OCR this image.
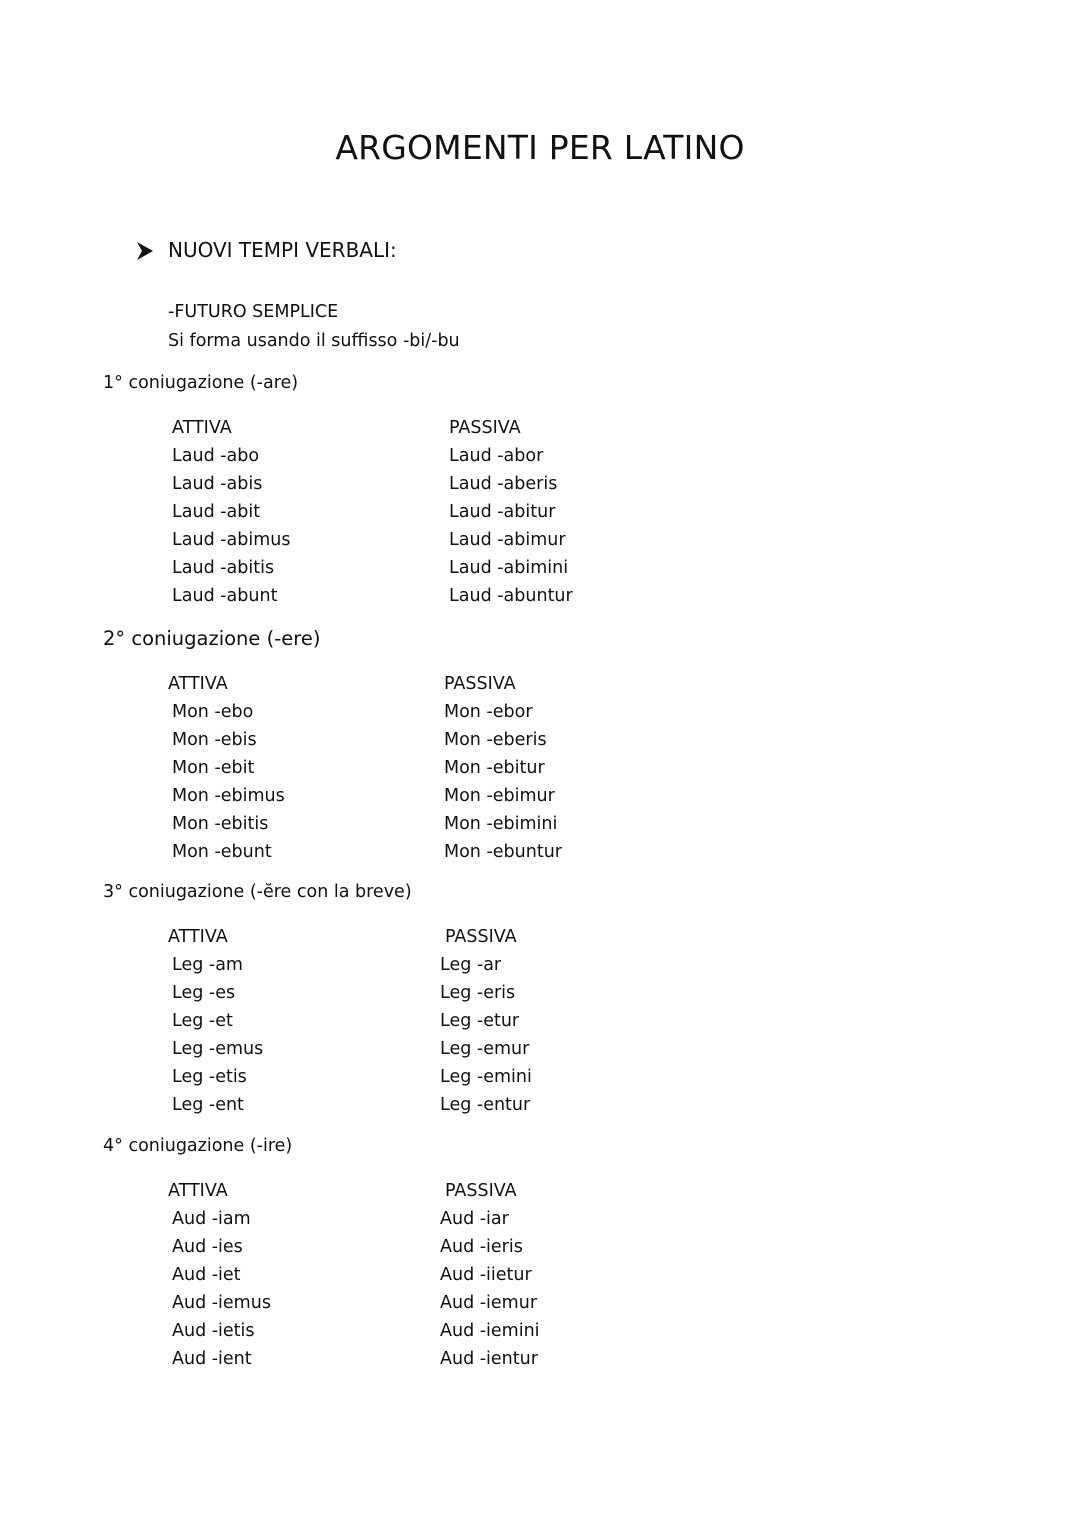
ARGOMENTI PER LATINO
NUOVI TEMPI VERBALI:
-FUTURO SEMPLICE
Si forma usando il suffisso -bi/-bu
1° coniugazione (-are)
ATTIVA
Laud -abo
Laud -abis
Laud -abit
Laud -abimus
Laud -abitis
Laud -abunt
PASSIVA
Laud -abor
Laud -aberis
Laud -abitur
Laud -abimur
Laud -abimini
Laud -abuntur
2° coniugazione (-ere)
ATTIVA
Mon -ebo
Mon -ebis
Mon -ebit
Mon -ebimus
Mon -ebitis
Mon -ebunt
PASSIVA
Mon -ebor
Mon -eberis
Mon -ebitur
Mon -ebimur
Mon -ebimini
Mon -ebuntur
3° coniugazione (-ĕre con la breve)
ATTIVA
Leg -am
Leg -es
Leg -et
Leg -emus
Leg -etis
Leg -ent
PASSIVA
Leg -ar
Leg -eris
Leg -etur
Leg -emur
Leg -emini
Leg -entur
4° coniugazione (-ire)
ATTIVA
Aud -iam
Aud -ies
Aud -iet
Aud -iemus
Aud -ietis
Aud -ient
PASSIVA
Aud -iar
Aud -ieris
Aud -iietur
Aud -iemur
Aud -iemini
Aud -ientur
